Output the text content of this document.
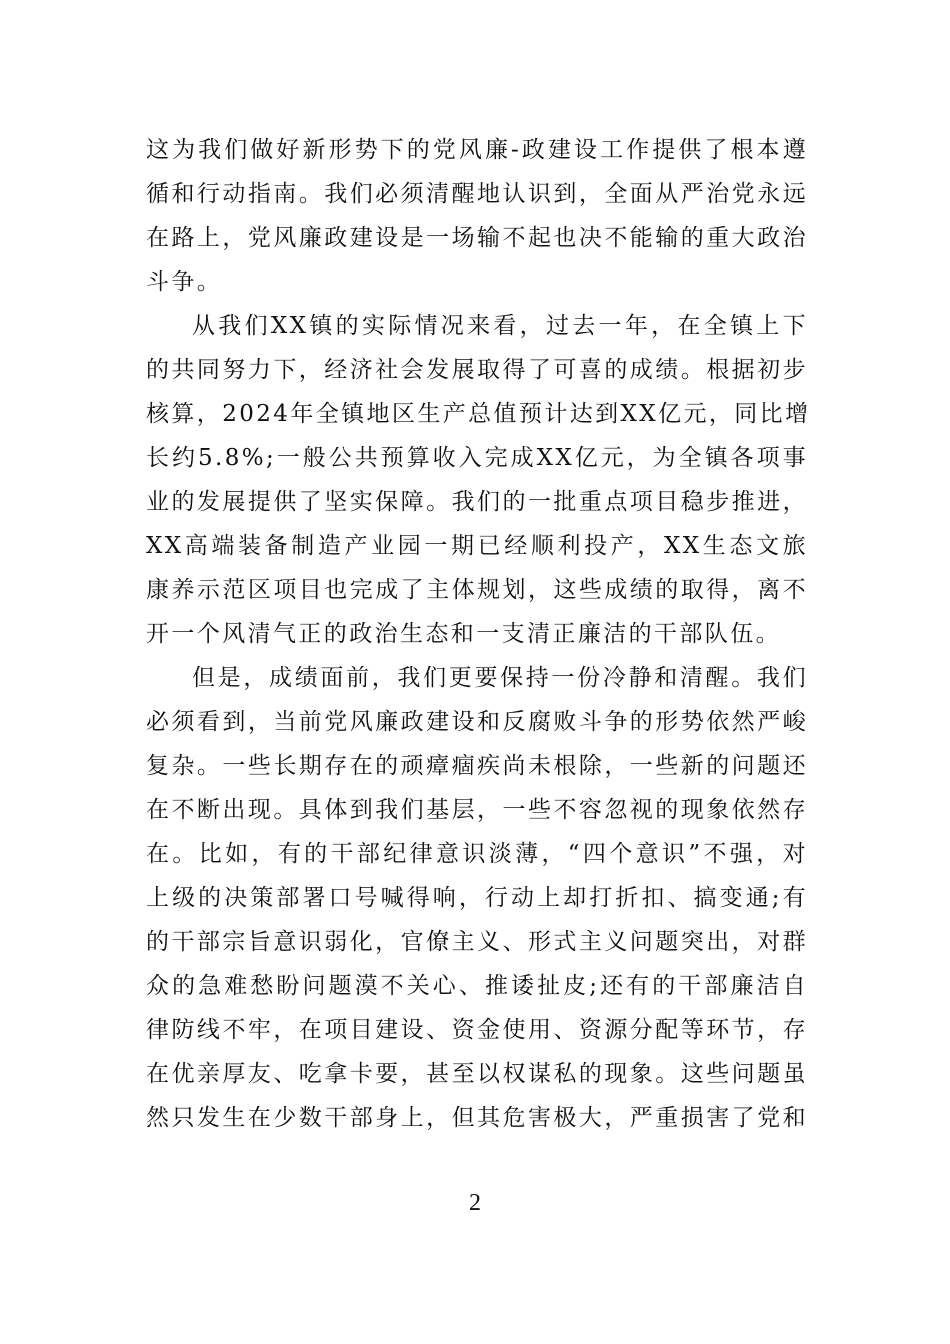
这为我们做好新形势下的党风廉-政建设工作提供了根本遵
循和行动指南。我们必须清醒地认识到，全面从严治党永远
在路上，党风廉政建设是一场输不起也决不能输的重大政治
斗争。
从我们XX镇的实际情况来看，过去一年，在全镇上下
的共同努力下，经济社会发展取得了可喜的成绩。根据初步
核算，2024年全镇地区生产总值预计达到XX亿元，同比增
长约5.8%;一般公共预算收入完成XX亿元，为全镇各项事
业的发展提供了坚实保障。我们的一批重点项目稳步推进，
XX高端装备制造产业园一期已经顺利投产，XX生态文旅
康养示范区项目也完成了主体规划，这些成绩的取得，离不
开一个风清气正的政治生态和一支清正廉洁的干部队伍。
但是，成绩面前，我们更要保持一份冷静和清醒。我们
必须看到，当前党风廉政建设和反腐败斗争的形势依然严峻
复杂。一些长期存在的顽瘴痼疾尚未根除，一些新的问题还
在不断出现。具体到我们基层，一些不容忽视的现象依然存
在。比如，有的干部纪律意识淡薄，“四个意识”不强，对
上级的决策部署口号喊得响，行动上却打折扣、搞变通;有
的干部宗旨意识弱化，官僚主义、形式主义问题突出，对群
众的急难愁盼问题漠不关心、推诿扯皮;还有的干部廉洁自
律防线不牢，在项目建设、资金使用、资源分配等环节，存
在优亲厚友、吃拿卡要，甚至以权谋私的现象。这些问题虽
然只发生在少数干部身上，但其危害极大，严重损害了党和
2
